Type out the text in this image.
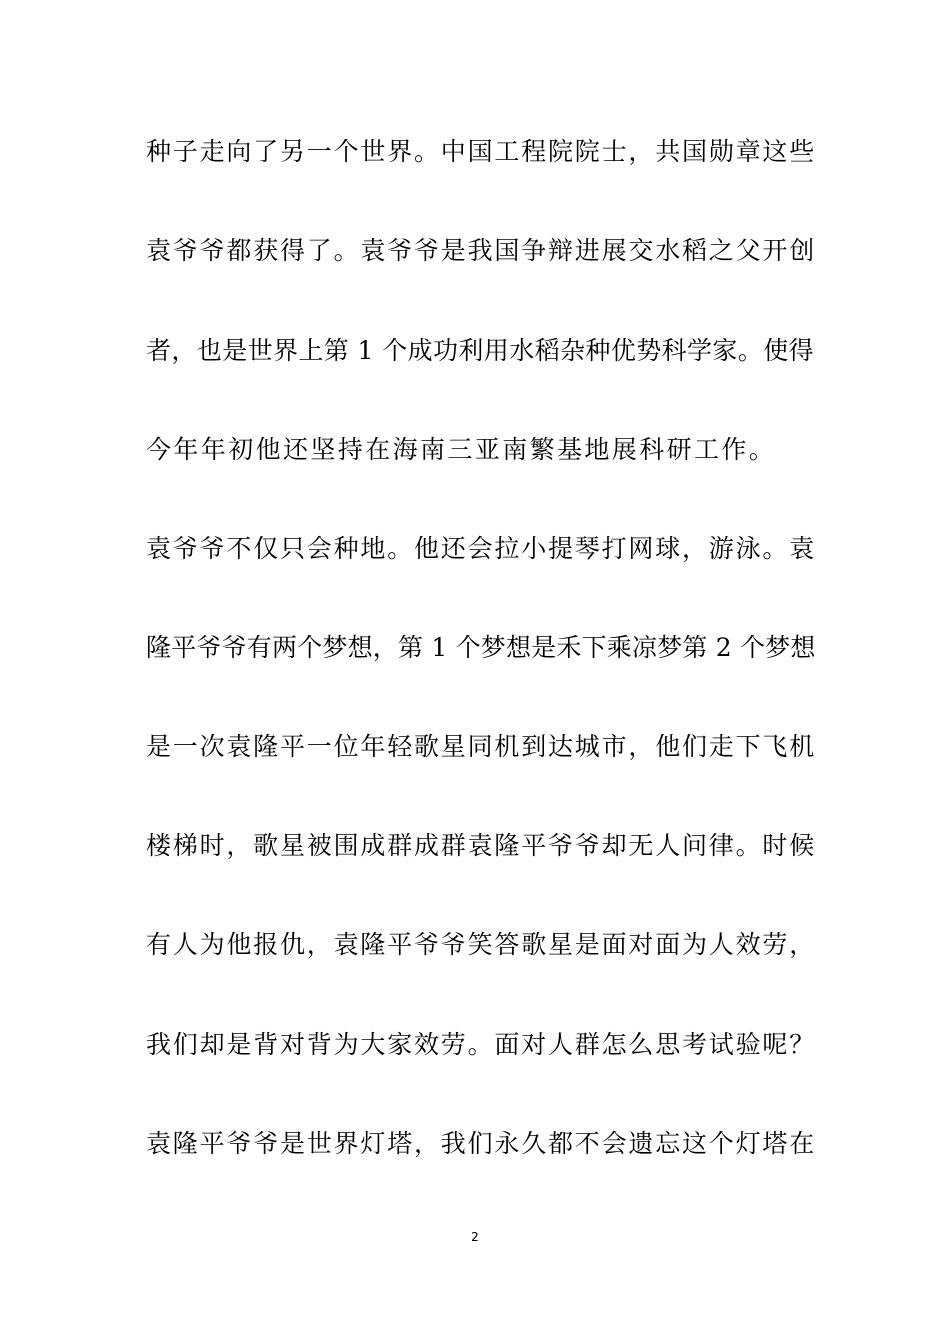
种子走向了另一个世界。中国工程院院士，共国勋章这些
袁爷爷都获得了。袁爷爷是我国争辩进展交水稻之父开创
者，也是世界上第 1 个成功利用水稻杂种优势科学家。使得
今年年初他还坚持在海南三亚南繁基地展科研工作。
袁爷爷不仅只会种地。他还会拉小提琴打网球，游泳。袁
隆平爷爷有两个梦想，第 1 个梦想是禾下乘凉梦第 2 个梦想
是一次袁隆平一位年轻歌星同机到达城市，他们走下飞机
楼梯时，歌星被围成群成群袁隆平爷爷却无人问律。时候
有人为他报仇，袁隆平爷爷笑答歌星是面对面为人效劳，
我们却是背对背为大家效劳。面对人群怎么思考试验呢？
袁隆平爷爷是世界灯塔，我们永久都不会遗忘这个灯塔在
2
